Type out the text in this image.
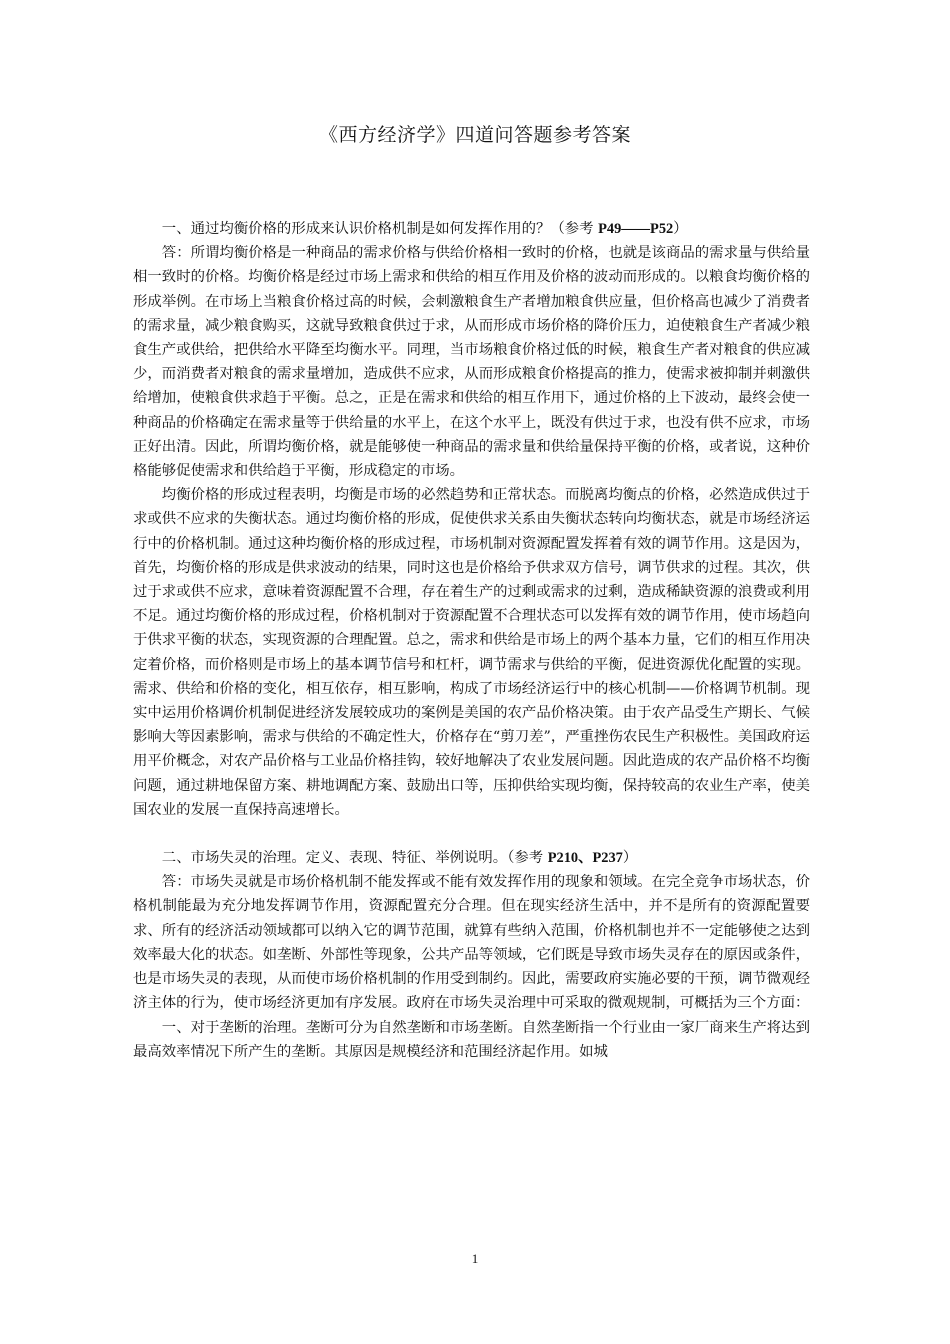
《西方经济学》四道问答题参考答案

一、通过均衡价格的形成来认识价格机制是如何发挥作用的？（参考 P49——P52）

答：所谓均衡价格是一种商品的需求价格与供给价格相一致时的价格，也就是该商品的需求量与供给量相一致时的价格。均衡价格是经过市场上需求和供给的相互作用及价格的波动而形成的。以粮食均衡价格的形成举例。在市场上当粮食价格过高的时候，会刺激粮食生产者增加粮食供应量，但价格高也减少了消费者的需求量，减少粮食购买，这就导致粮食供过于求，从而形成市场价格的降价压力，迫使粮食生产者减少粮食生产或供给，把供给水平降至均衡水平。同理，当市场粮食价格过低的时候，粮食生产者对粮食的供应减少，而消费者对粮食的需求量增加，造成供不应求，从而形成粮食价格提高的推力，使需求被抑制并刺激供给增加，使粮食供求趋于平衡。总之，正是在需求和供给的相互作用下，通过价格的上下波动，最终会使一种商品的价格确定在需求量等于供给量的水平上，在这个水平上，既没有供过于求，也没有供不应求，市场正好出清。因此，所谓均衡价格，就是能够使一种商品的需求量和供给量保持平衡的价格，或者说，这种价格能够促使需求和供给趋于平衡，形成稳定的市场。

均衡价格的形成过程表明，均衡是市场的必然趋势和正常状态。而脱离均衡点的价格，必然造成供过于求或供不应求的失衡状态。通过均衡价格的形成，促使供求关系由失衡状态转向均衡状态，就是市场经济运行中的价格机制。通过这种均衡价格的形成过程，市场机制对资源配置发挥着有效的调节作用。这是因为，首先，均衡价格的形成是供求波动的结果，同时这也是价格给予供求双方信号，调节供求的过程。其次，供过于求或供不应求，意味着资源配置不合理，存在着生产的过剩或需求的过剩，造成稀缺资源的浪费或利用不足。通过均衡价格的形成过程，价格机制对于资源配置不合理状态可以发挥有效的调节作用，使市场趋向于供求平衡的状态，实现资源的合理配置。总之，需求和供给是市场上的两个基本力量，它们的相互作用决定着价格，而价格则是市场上的基本调节信号和杠杆，调节需求与供给的平衡，促进资源优化配置的实现。需求、供给和价格的变化，相互依存，相互影响，构成了市场经济运行中的核心机制——价格调节机制。现实中运用价格调价机制促进经济发展较成功的案例是美国的农产品价格决策。由于农产品受生产期长、气候影响大等因素影响，需求与供给的不确定性大，价格存在“剪刀差”，严重挫伤农民生产积极性。美国政府运用平价概念，对农产品价格与工业品价格挂钩，较好地解决了农业发展问题。因此造成的农产品价格不均衡问题，通过耕地保留方案、耕地调配方案、鼓励出口等，压抑供给实现均衡，保持较高的农业生产率，使美国农业的发展一直保持高速增长。

二、市场失灵的治理。定义、表现、特征、举例说明。（参考 P210、P237）

答：市场失灵就是市场价格机制不能发挥或不能有效发挥作用的现象和领域。在完全竞争市场状态，价格机制能最为充分地发挥调节作用，资源配置充分合理。但在现实经济生活中，并不是所有的资源配置要求、所有的经济活动领域都可以纳入它的调节范围，就算有些纳入范围，价格机制也并不一定能够使之达到效率最大化的状态。如垄断、外部性等现象，公共产品等领域，它们既是导致市场失灵存在的原因或条件，也是市场失灵的表现，从而使市场价格机制的作用受到制约。因此，需要政府实施必要的干预，调节微观经济主体的行为，使市场经济更加有序发展。政府在市场失灵治理中可采取的微观规制，可概括为三个方面：

一、对于垄断的治理。垄断可分为自然垄断和市场垄断。自然垄断指一个行业由一家厂商来生产将达到最高效率情况下所产生的垄断。其原因是规模经济和范围经济起作用。如城

1
